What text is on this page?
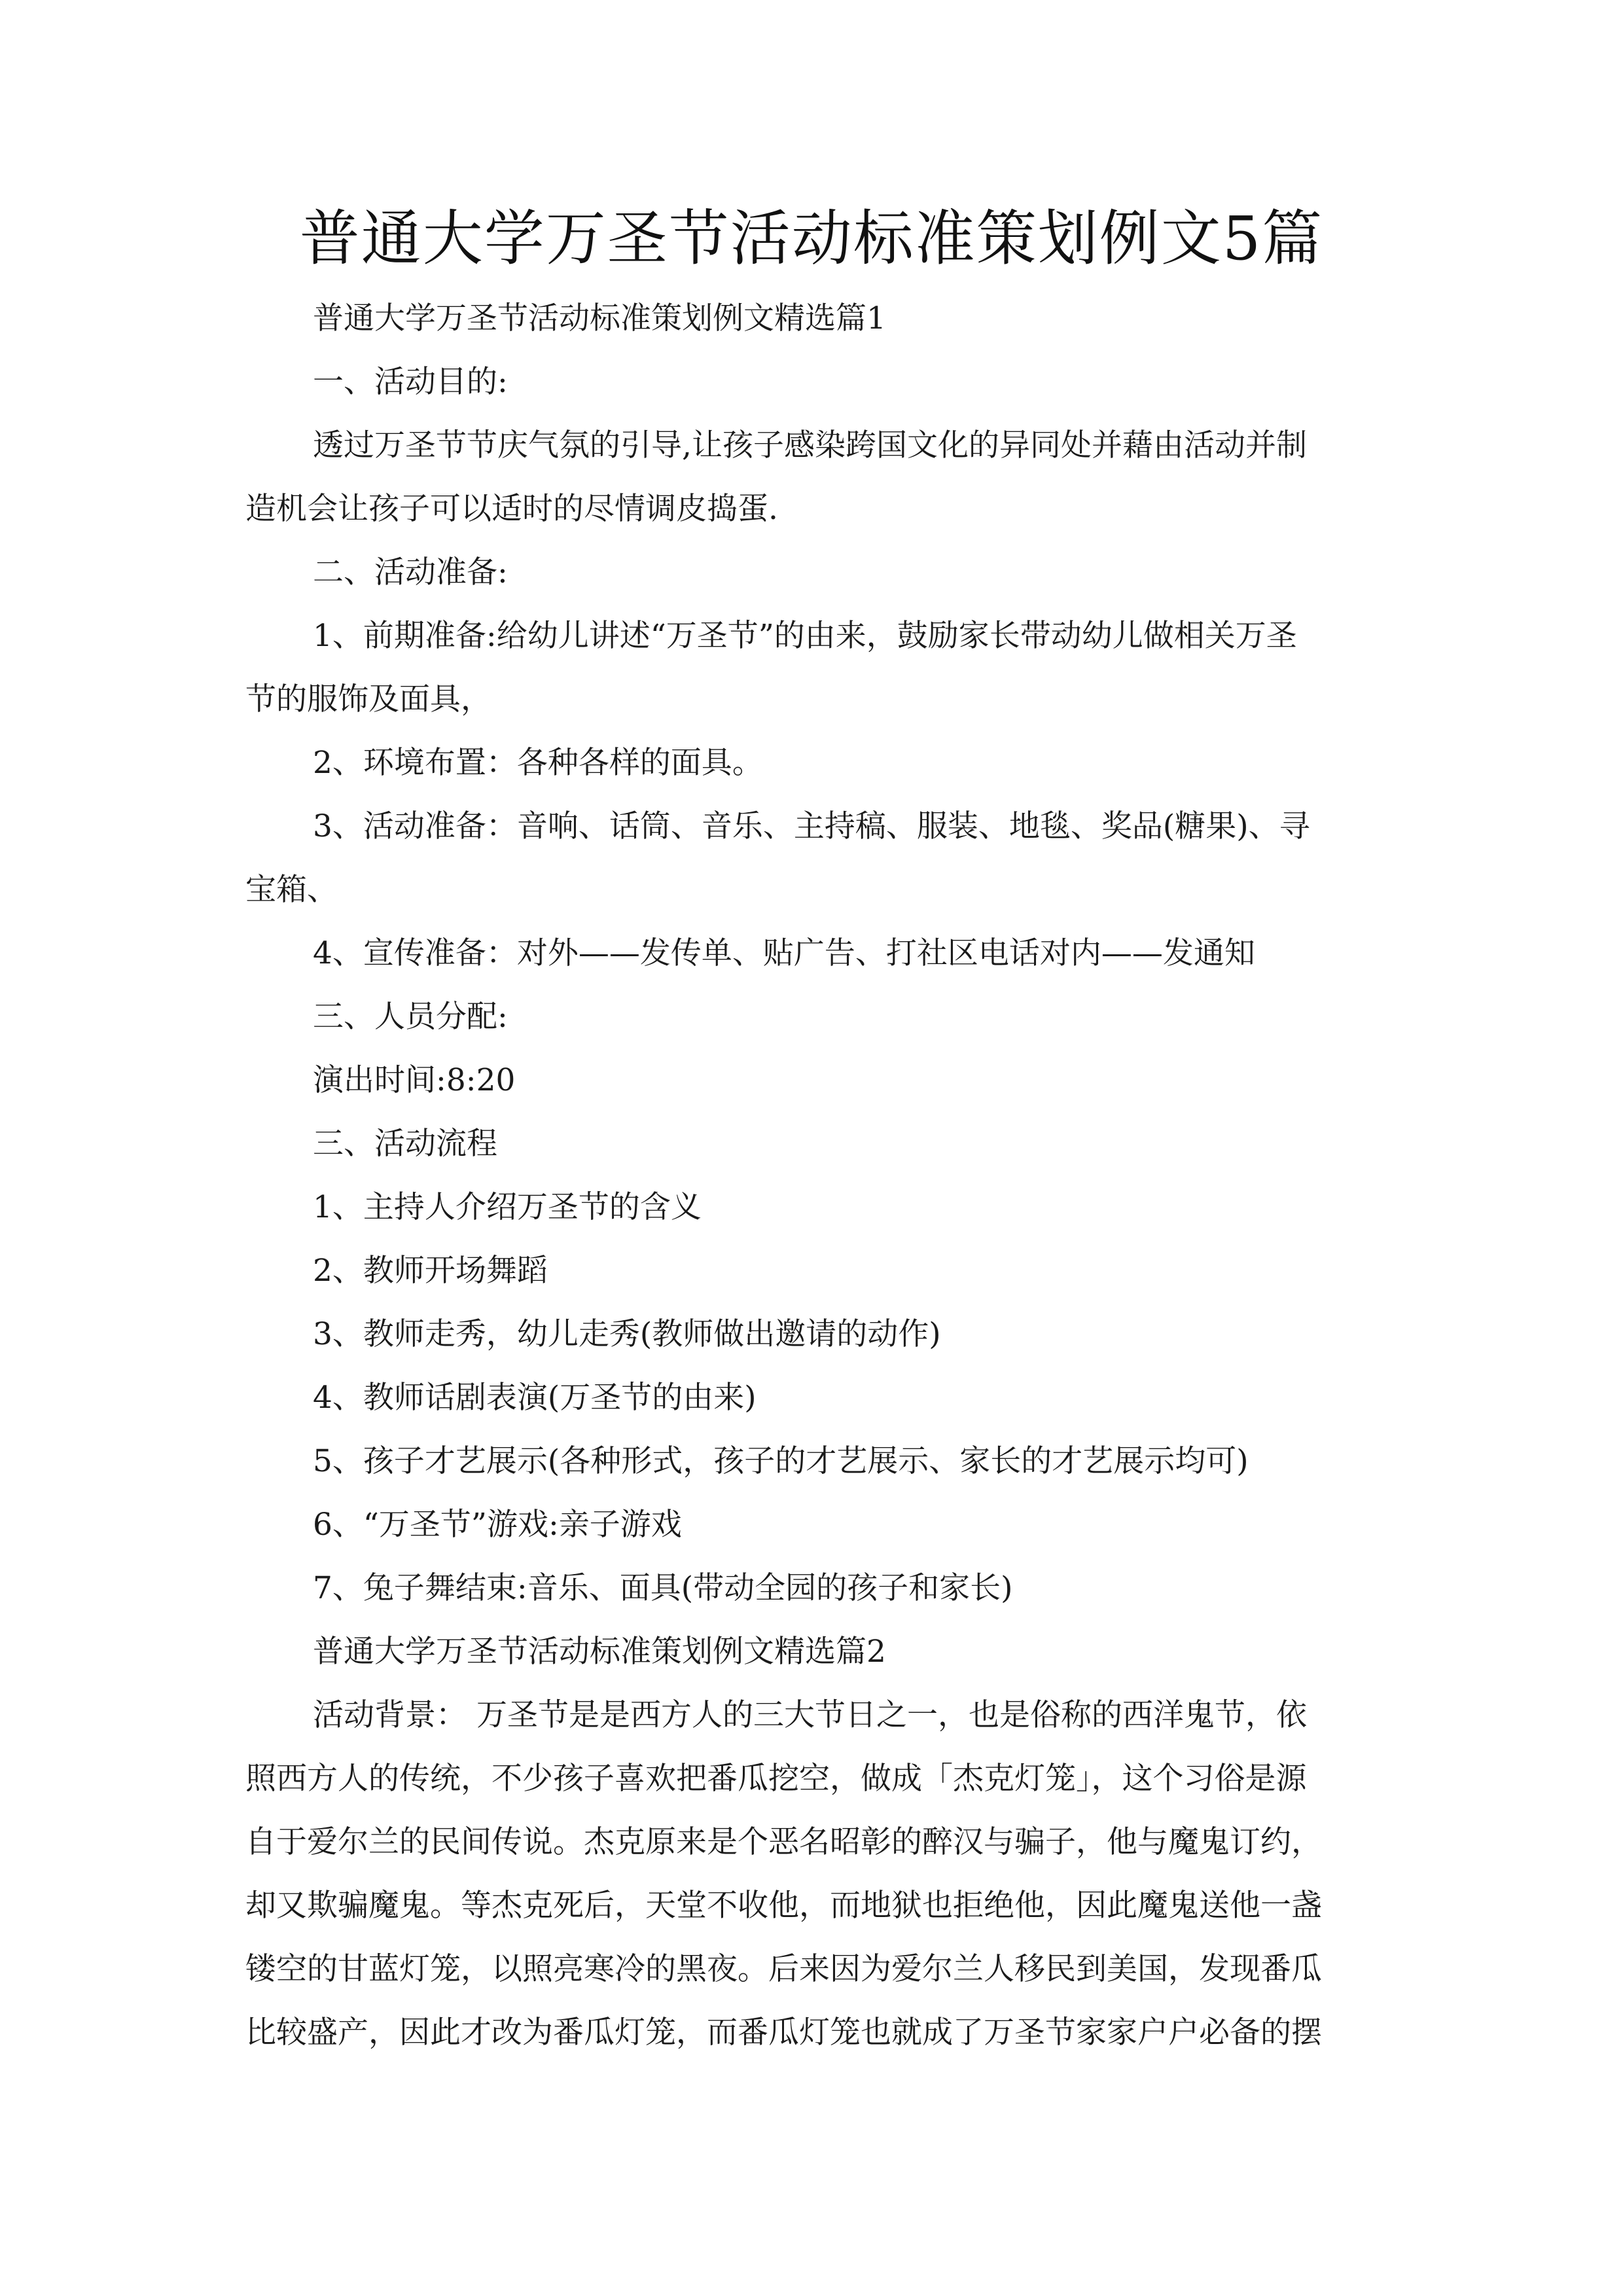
普通大学万圣节活动标准策划例文5篇

普通大学万圣节活动标准策划例文精选篇1

一、活动目的:

透过万圣节节庆气氛的引导,让孩子感染跨国文化的异同处并藉由活动并制
造机会让孩子可以适时的尽情调皮捣蛋.

二、活动准备:

1、前期准备:给幼儿讲述“万圣节”的由来，鼓励家长带动幼儿做相关万圣
节的服饰及面具，

2、环境布置：各种各样的面具。

3、活动准备：音响、话筒、音乐、主持稿、服装、地毯、奖品(糖果)、寻
宝箱、

4、宣传准备：对外——发传单、贴广告、打社区电话对内——发通知

三、人员分配:

演出时间:8:20

三、活动流程

1、主持人介绍万圣节的含义

2、教师开场舞蹈

3、教师走秀，幼儿走秀(教师做出邀请的动作)

4、教师话剧表演(万圣节的由来)

5、孩子才艺展示(各种形式，孩子的才艺展示、家长的才艺展示均可)

6、“万圣节”游戏:亲子游戏

7、兔子舞结束:音乐、面具(带动全园的孩子和家长)

普通大学万圣节活动标准策划例文精选篇2

活动背景： 万圣节是是西方人的三大节日之一，也是俗称的西洋鬼节，依
照西方人的传统，不少孩子喜欢把番瓜挖空，做成「杰克灯笼」，这个习俗是源
自于爱尔兰的民间传说。杰克原来是个恶名昭彰的醉汉与骗子，他与魔鬼订约，
却又欺骗魔鬼。等杰克死后，天堂不收他，而地狱也拒绝他，因此魔鬼送他一盏
镂空的甘蓝灯笼，以照亮寒冷的黑夜。后来因为爱尔兰人移民到美国，发现番瓜
比较盛产，因此才改为番瓜灯笼，而番瓜灯笼也就成了万圣节家家户户必备的摆
